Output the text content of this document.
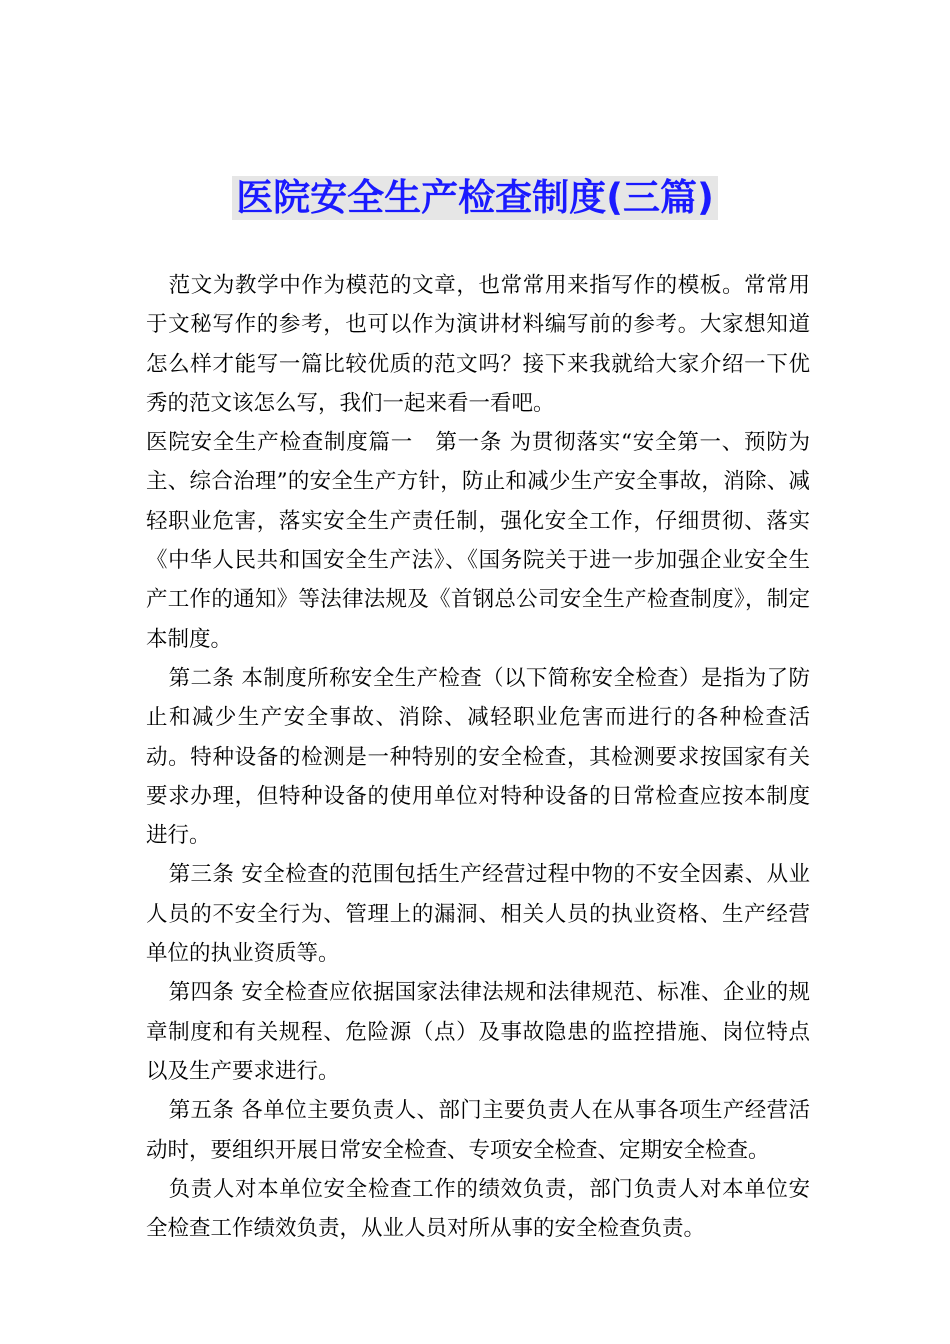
医院安全生产检查制度(三篇)

范文为教学中作为模范的文章，也常常用来指写作的模板。常常用于文秘写作的参考，也可以作为演讲材料编写前的参考。大家想知道怎么样才能写一篇比较优质的范文吗？接下来我就给大家介绍一下优秀的范文该怎么写，我们一起来看一看吧。

医院安全生产检查制度篇一　第一条 为贯彻落实“安全第一、预防为主、综合治理”的安全生产方针，防止和减少生产安全事故，消除、减轻职业危害，落实安全生产责任制，强化安全工作，仔细贯彻、落实《中华人民共和国安全生产法》、《国务院关于进一步加强企业安全生产工作的通知》等法律法规及《首钢总公司安全生产检查制度》，制定本制度。

第二条 本制度所称安全生产检查（以下简称安全检查）是指为了防止和减少生产安全事故、消除、减轻职业危害而进行的各种检查活动。特种设备的检测是一种特别的安全检查，其检测要求按国家有关要求办理，但特种设备的使用单位对特种设备的日常检查应按本制度进行。

第三条 安全检查的范围包括生产经营过程中物的不安全因素、从业人员的不安全行为、管理上的漏洞、相关人员的执业资格、生产经营单位的执业资质等。

第四条 安全检查应依据国家法律法规和法律规范、标准、企业的规章制度和有关规程、危险源（点）及事故隐患的监控措施、岗位特点以及生产要求进行。

第五条 各单位主要负责人、部门主要负责人在从事各项生产经营活动时，要组织开展日常安全检查、专项安全检查、定期安全检查。

负责人对本单位安全检查工作的绩效负责，部门负责人对本单位安全检查工作绩效负责，从业人员对所从事的安全检查负责。
